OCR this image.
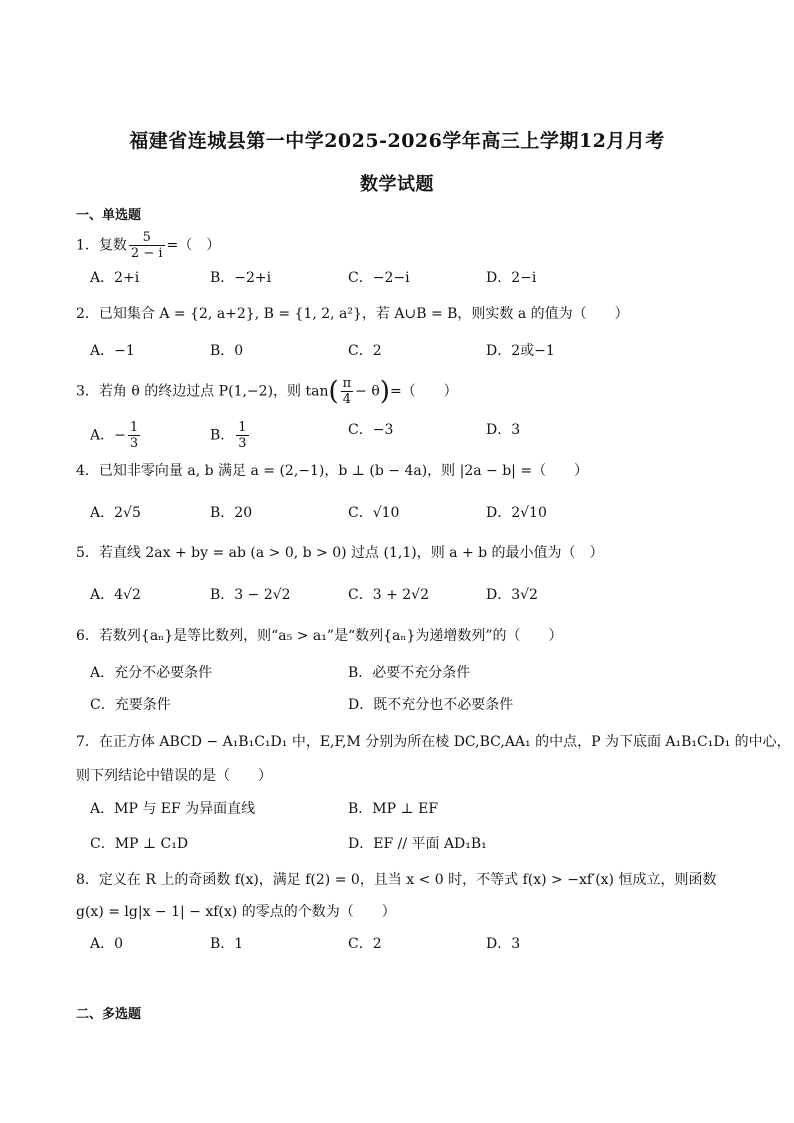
福建省连城县第一中学2025-2026学年高三上学期12月月考
数学试题
一、单选题
1．复数 $\frac{5}{2 - i}$ =（　）
A．2+i	B．−2+i	C．−2−i	D．2−i
2．已知集合 A = {2, a+2}, B = {1, 2, a²}，若 A∪B = B，则实数 a 的值为（　　）
A．−1	B．0	C．2	D．2或−1
3．若角 θ 的终边过点 P(1,−2)，则 $\tan( \frac{\pi}{4} - \theta)=$（　　）
A．− $\frac{1}{3}$	B． $\frac{1}{3}$	C．−3	D．3
4．已知非零向量 a, b 满足 a = (2,−1)，b ⊥ (b − 4a)，则 |2a − b| =（　　）
A．2√5	B．20	C．√10	D．2√10
5．若直线 2ax + by = ab (a > 0, b > 0) 过点 (1,1)，则 a + b 的最小值为（　）
A．4√2	B．3 − 2√2	C．3 + 2√2	D．3√2
6．若数列{aₙ}是等比数列，则“a₅ > a₁”是“数列{aₙ}为递增数列”的（　　）
A．充分不必要条件	B．必要不充分条件
C．充要条件	D．既不充分也不必要条件
7．在正方体 ABCD − A₁B₁C₁D₁ 中，E,F,M 分别为所在棱 DC,BC,AA₁ 的中点，P 为下底面 A₁B₁C₁D₁ 的中心，
则下列结论中错误的是（　　）
A．MP 与 EF 为异面直线	B．MP ⊥ EF
C．MP ⊥ C₁D	D．EF // 平面 AD₁B₁
8．定义在 R 上的奇函数 f(x)，满足 f(2) = 0，且当 x < 0 时，不等式 f(x) > −xf′(x) 恒成立，则函数
g(x) = lg|x − 1| − xf(x) 的零点的个数为（　　）
A．0	B．1	C．2	D．3
二、多选题
